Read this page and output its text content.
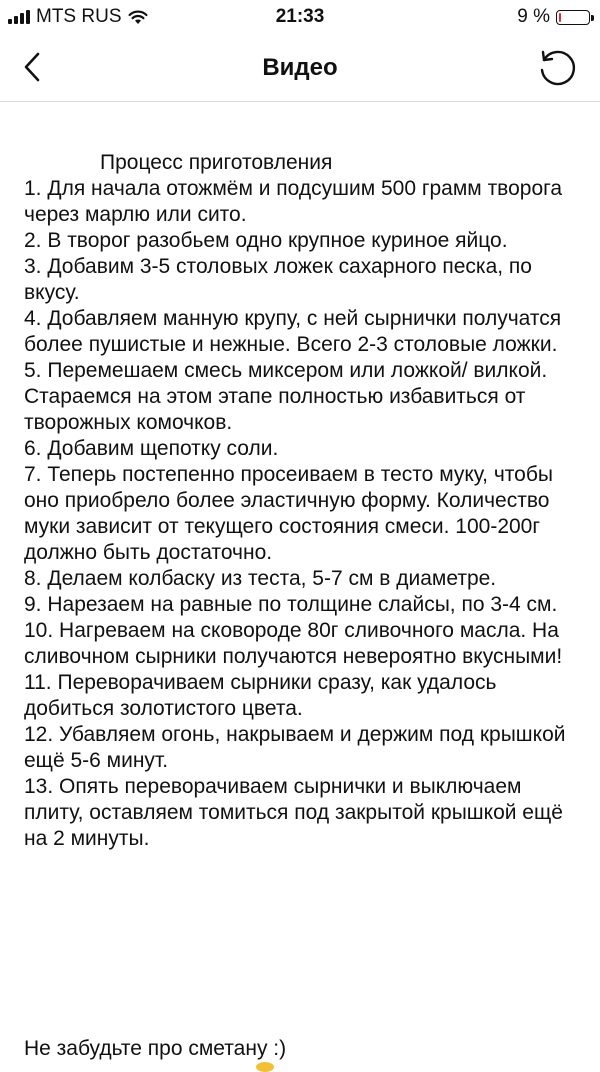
MTS RUS	21:33	9 %
Видео
Процесс приготовления
1. Для начала отожмём и подсушим 500 грамм творога через марлю или сито.
2. В творог разобьем одно крупное куриное яйцо.
3. Добавим 3-5 столовых ложек сахарного песка, по вкусу.
4. Добавляем манную крупу, с ней сырнички получатся более пушистые и нежные. Всего 2-3 столовые ложки.
5. Перемешаем смесь миксером или ложкой/ вилкой. Стараемся на этом этапе полностью избавиться от творожных комочков.
6. Добавим щепотку соли.
7. Теперь постепенно просеиваем в тесто муку, чтобы оно приобрело более эластичную форму. Количество муки зависит от текущего состояния смеси. 100-200г должно быть достаточно.
8. Делаем колбаску из теста, 5-7 см в диаметре.
9. Нарезаем на равные по толщине слайсы, по 3-4 см.
10. Нагреваем на сковороде 80г сливочного масла. На сливочном сырники получаются невероятно вкусными!
11. Переворачиваем сырники сразу, как удалось добиться золотистого цвета.
12. Убавляем огонь, накрываем и держим под крышкой ещё 5-6 минут.
13. Опять переворачиваем сырнички и выключаем плиту, оставляем томиться под закрытой крышкой ещё на 2 минуты.
Не забудьте про сметану :)
